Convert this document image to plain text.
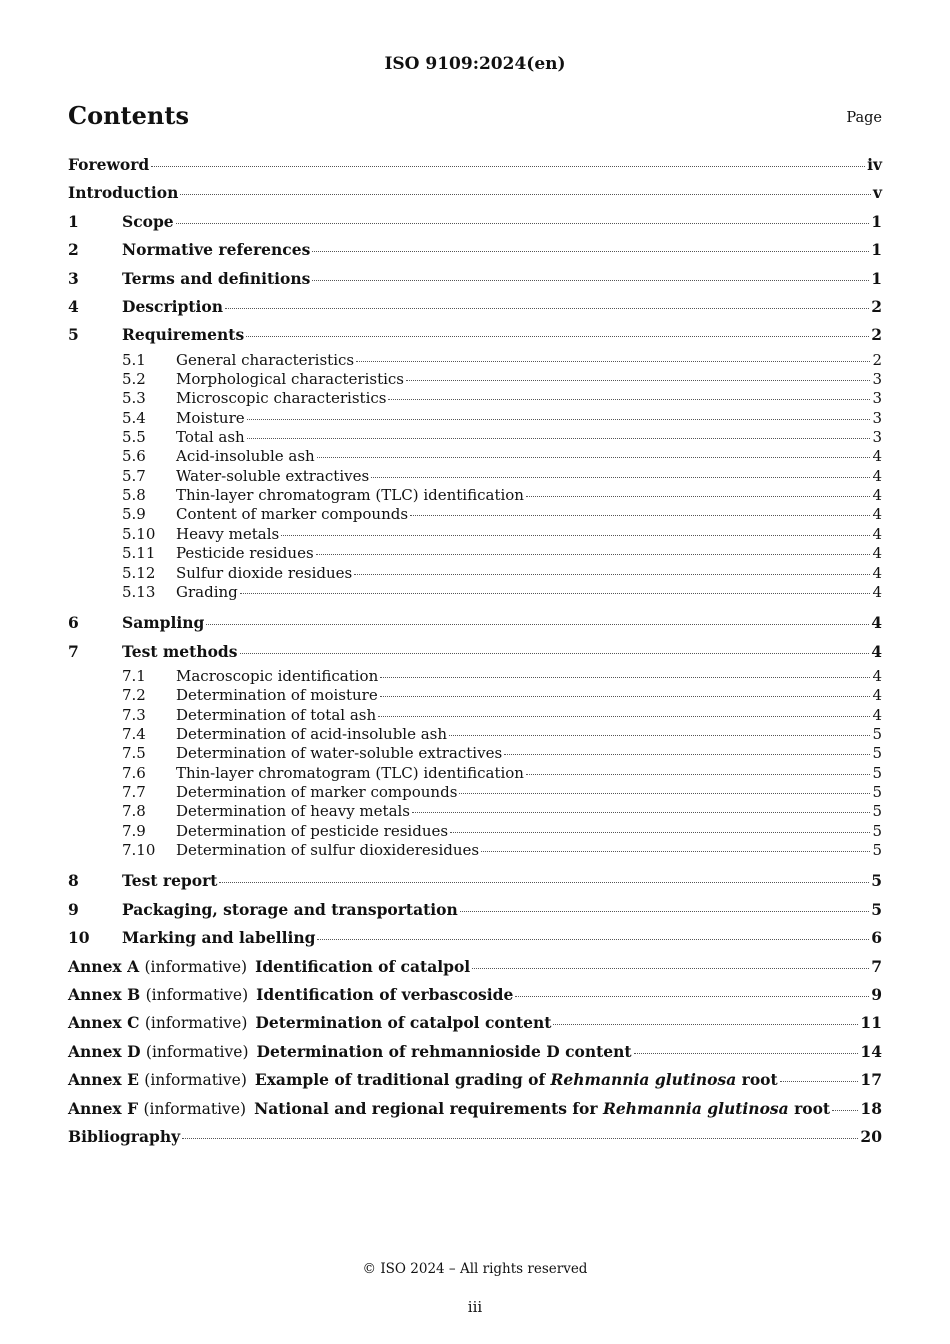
ISO 9109:2024(en)
Contents	Page
Foreword	iv
Introduction	v
1	Scope	1
2	Normative references	1
3	Terms and definitions	1
4	Description	2
5	Requirements	2
5.1	General characteristics	2
5.2	Morphological characteristics	3
5.3	Microscopic characteristics	3
5.4	Moisture	3
5.5	Total ash	3
5.6	Acid-insoluble ash	4
5.7	Water-soluble extractives	4
5.8	Thin-layer chromatogram (TLC) identification	4
5.9	Content of marker compounds	4
5.10	Heavy metals	4
5.11	Pesticide residues	4
5.12	Sulfur dioxide residues	4
5.13	Grading	4
6	Sampling	4
7	Test methods	4
7.1	Macroscopic identification	4
7.2	Determination of moisture	4
7.3	Determination of total ash	4
7.4	Determination of acid-insoluble ash	5
7.5	Determination of water-soluble extractives	5
7.6	Thin-layer chromatogram (TLC) identification	5
7.7	Determination of marker compounds	5
7.8	Determination of heavy metals	5
7.9	Determination of pesticide residues	5
7.10	Determination of sulfur dioxideresidues	5
8	Test report	5
9	Packaging, storage and transportation	5
10	Marking and labelling	6
Annex A (informative) Identification of catalpol	7
Annex B (informative) Identification of verbascoside	9
Annex C (informative) Determination of catalpol content	11
Annex D (informative) Determination of rehmannioside D content	14
Annex E (informative) Example of traditional grading of Rehmannia glutinosa root	17
Annex F (informative) National and regional requirements for Rehmannia glutinosa root 18
Bibliography	20
© ISO 2024 – All rights reserved
iii
